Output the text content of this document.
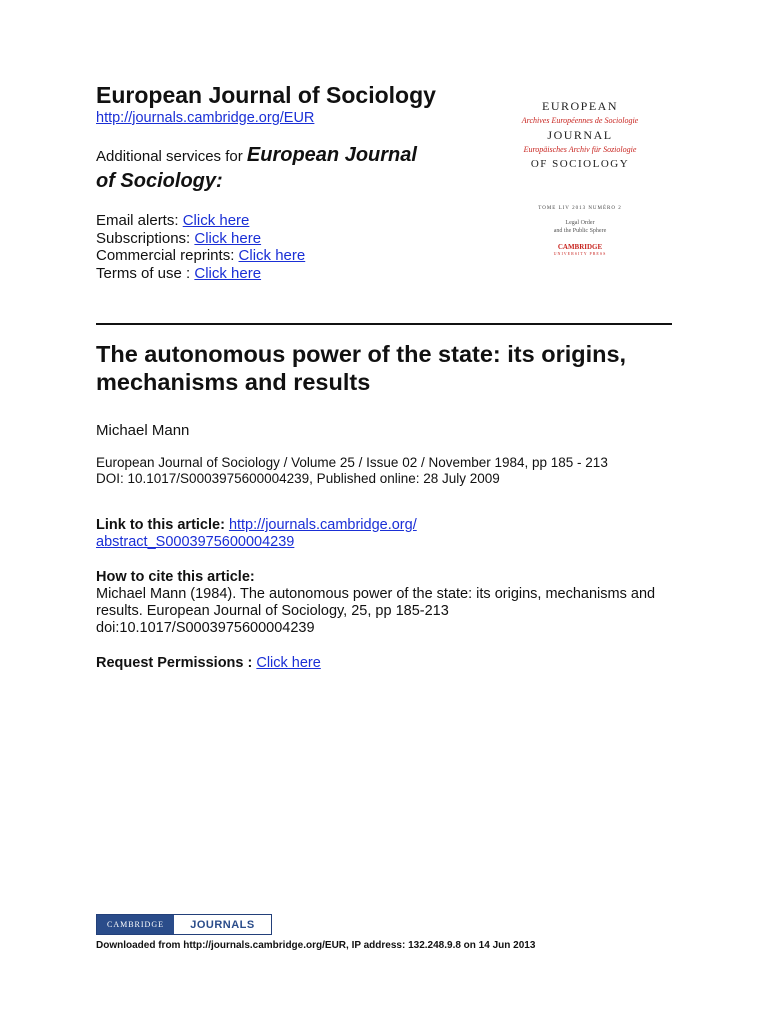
European Journal of Sociology
http://journals.cambridge.org/EUR
Additional services for European Journal
of Sociology:
Email alerts: Click here
Subscriptions: Click here
Commercial reprints: Click here
Terms of use : Click here
EUROPEAN
Archives Européennes de Sociologie
JOURNAL
Europäisches Archiv für Soziologie
OF SOCIOLOGY
TOME LIV 2013 NUMÉRO 2
Legal Order
and the Public Sphere
CAMBRIDGE
UNIVERSITY PRESS
The autonomous power of the state: its origins, mechanisms and results
Michael Mann
European Journal of Sociology / Volume 25 / Issue 02 / November 1984, pp 185 - 213
DOI: 10.1017/S0003975600004239, Published online: 28 July 2009
Link to this article: http://journals.cambridge.org/
abstract_S0003975600004239
How to cite this article:
Michael Mann (1984). The autonomous power of the state: its origins, mechanisms and results. European Journal of Sociology, 25, pp 185-213
doi:10.1017/S0003975600004239
Request Permissions : Click here
CAMBRIDGE	JOURNALS
Downloaded from http://journals.cambridge.org/EUR, IP address: 132.248.9.8 on 14 Jun 2013
